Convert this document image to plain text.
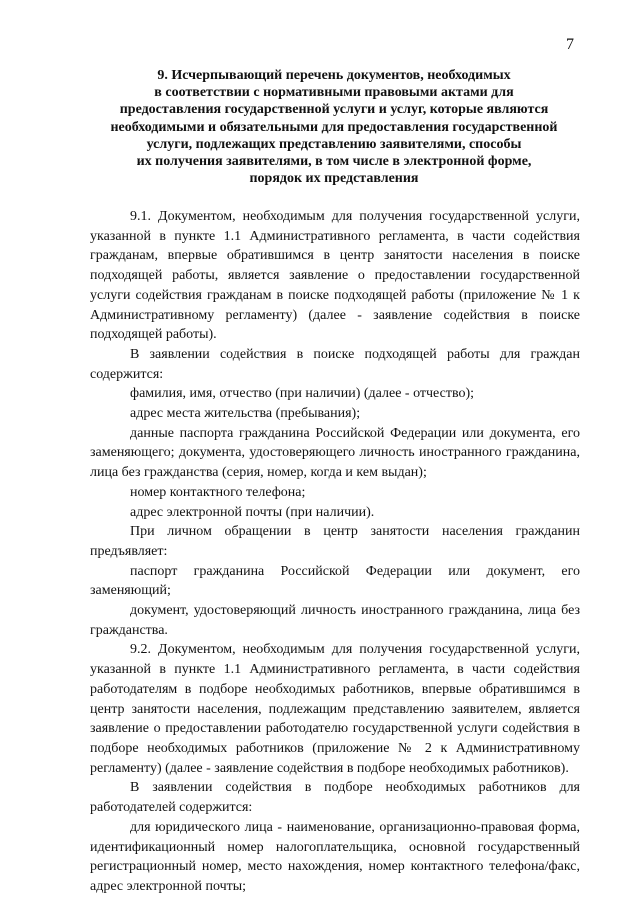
7
9. Исчерпывающий перечень документов, необходимых
в соответствии с нормативными правовыми актами для
предоставления государственной услуги и услуг, которые являются
необходимыми и обязательными для предоставления государственной
услуги, подлежащих представлению заявителями, способы
их получения заявителями, в том числе в электронной форме,
порядок их представления

9.1. Документом, необходимым для получения государственной услуги, указанной в пункте 1.1 Административного регламента, в части содействия гражданам, впервые обратившимся в центр занятости населения в поиске подходящей работы, является заявление о предоставлении государственной услуги содействия гражданам в поиске подходящей работы (приложение № 1 к Административному регламенту) (далее - заявление содействия в поиске подходящей работы).

В заявлении содействия в поиске подходящей работы для граждан содержится:

фамилия, имя, отчество (при наличии) (далее - отчество);

адрес места жительства (пребывания);

данные паспорта гражданина Российской Федерации или документа, его заменяющего; документа, удостоверяющего личность иностранного гражданина, лица без гражданства (серия, номер, когда и кем выдан);

номер контактного телефона;

адрес электронной почты (при наличии).

При личном обращении в центр занятости населения гражданин предъявляет:

паспорт гражданина Российской Федерации или документ, его заменяющий;

документ, удостоверяющий личность иностранного гражданина, лица без гражданства.

9.2. Документом, необходимым для получения государственной услуги, указанной в пункте 1.1 Административного регламента, в части содействия работодателям в подборе необходимых работников, впервые обратившимся в центр занятости населения, подлежащим представлению заявителем, является заявление о предоставлении работодателю государственной услуги содействия в подборе необходимых работников (приложение № 2 к Административному регламенту) (далее - заявление содействия в подборе необходимых работников).

В заявлении содействия в подборе необходимых работников для работодателей содержится:

для юридического лица - наименование, организационно-правовая форма, идентификационный номер налогоплательщика, основной государственный регистрационный номер, место нахождения, номер контактного телефона/факс, адрес электронной почты;
